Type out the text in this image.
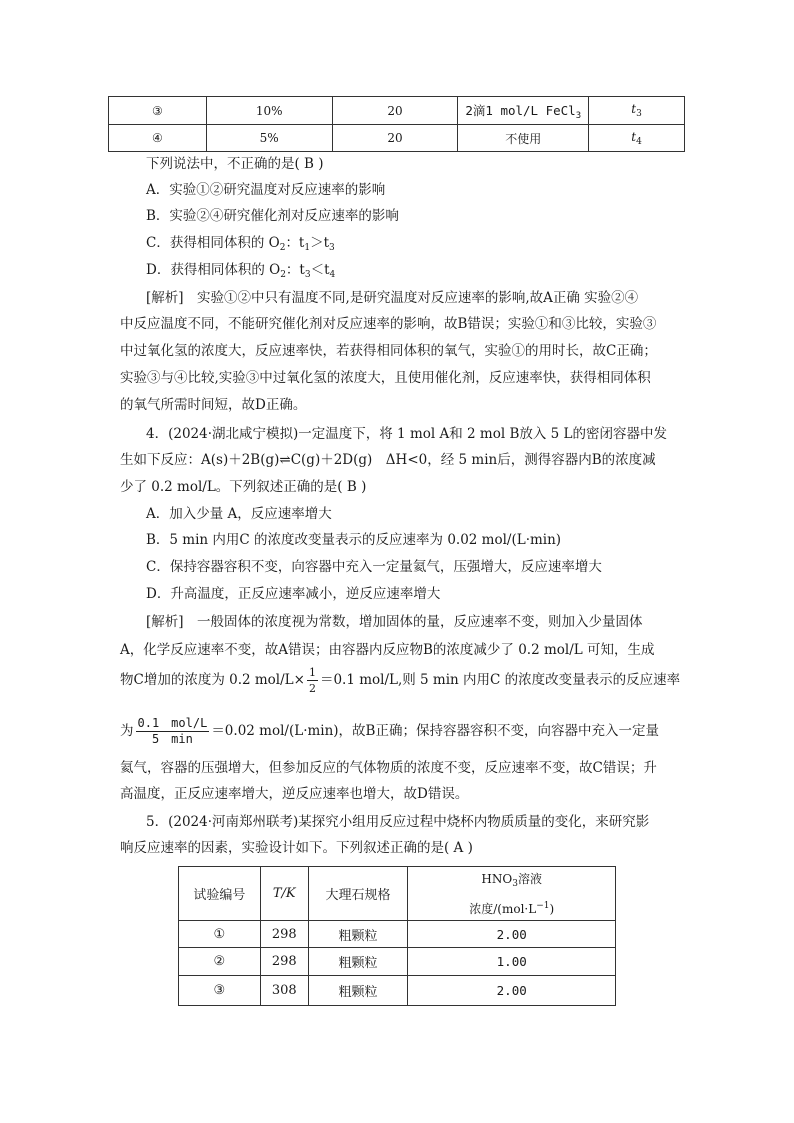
③	10%	20	2滴1 mol/L FeCl$_3$	$t_3$
④	5%	20	不使用	$t_4$
下列说法中，不正确的是( B )
A．实验①②研究温度对反应速率的影响
B．实验②④研究催化剂对反应速率的影响
C．获得相同体积的 $O_2$：$t_1>t_3$
D．获得相同体积的 $O_2$：$t_3<t_4$
[解析]　实验①②中只有温度不同,是研究温度对反应速率的影响,故A正确 实验②④
中反应温度不同，不能研究催化剂对反应速率的影响，故B错误；实验①和③比较，实验③
中过氧化氢的浓度大，反应速率快，若获得相同体积的氧气，实验①的用时长，故C正确；
实验③与④比较,实验③中过氧化氢的浓度大，且使用催化剂，反应速率快，获得相同体积
的氧气所需时间短，故D正确。
4．(2024·湖北咸宁模拟)一定温度下，将 1 mol A和 2 mol B放入 5 L的密闭容器中发
生如下反应：A(s)＋2B(g)⇌C(g)＋2D(g)　ΔH<0，经 5 min后，测得容器内B的浓度减
少了 0.2 mol/L。下列叙述正确的是( B )
A．加入少量 A，反应速率增大
B．5 min 内用C 的浓度改变量表示的反应速率为 0.02 mol/(L·min)
C．保持容器容积不变，向容器中充入一定量氦气，压强增大，反应速率增大
D．升高温度，正反应速率减小，逆反应速率增大
[解析]　一般固体的浓度视为常数，增加固体的量，反应速率不变，则加入少量固体
A，化学反应速率不变，故A错误；由容器内反应物B的浓度减少了 0.2 mol/L 可知，生成
物C增加的浓度为 0.2 $mol/L\times \frac{1}{2} =0.1$ mol/L,则 5 min 内用C 的浓度改变量表示的反应速率
为 $\frac{\text{0.1　mol/L}}{5 \min} =0.02$ mol/(L·min)，故B正确；保持容器容积不变，向容器中充入一定量
氦气，容器的压强增大，但参加反应的气体物质的浓度不变，反应速率不变，故C错误；升
高温度，正反应速率增大，逆反应速率也增大，故D错误。
5．(2024·河南郑州联考)某探究小组用反应过程中烧杯内物质质量的变化，来研究影
响反应速率的因素，实验设计如下。下列叙述正确的是( A )
试验编号	T/K	大理石规格	$HNO_3$溶液
浓度$/(mol\cdot L^{-1})$

①	298	粗颗粒	2.00
②	298	粗颗粒	1.00
③	308	粗颗粒	2.00
